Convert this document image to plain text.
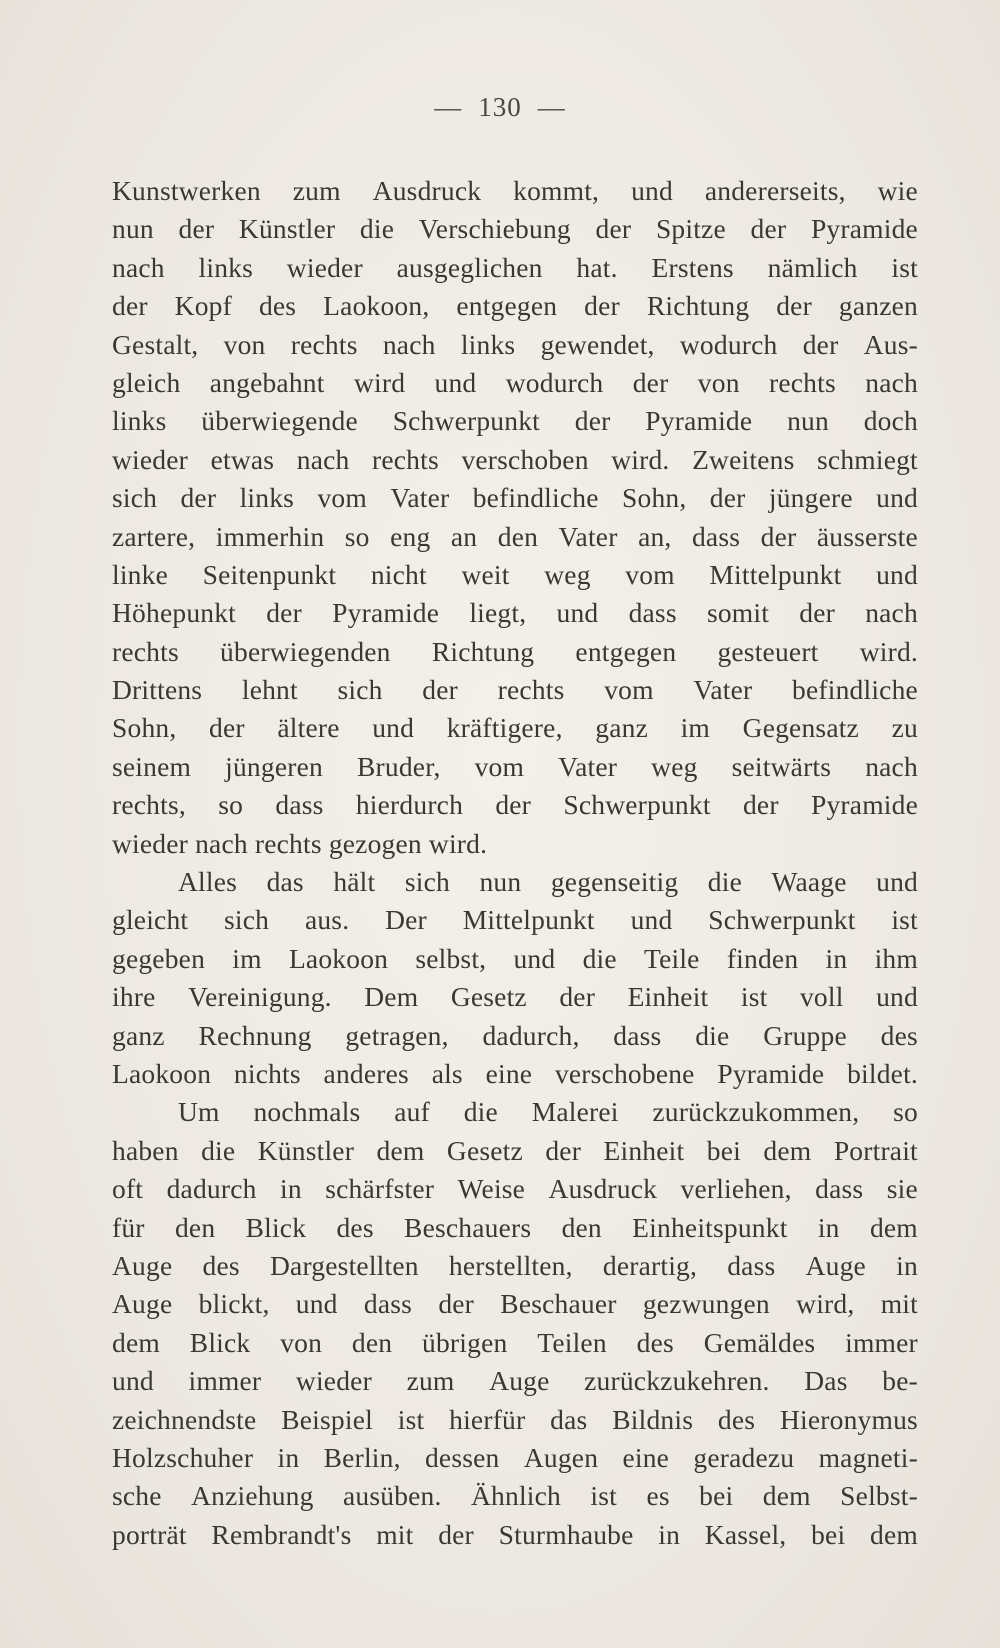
— 130 —
Kunstwerken zum Ausdruck kommt, und andererseits, wie
nun der Künstler die Verschiebung der Spitze der Pyramide
nach links wieder ausgeglichen hat. Erstens nämlich ist
der Kopf des Laokoon, entgegen der Richtung der ganzen
Gestalt, von rechts nach links gewendet, wodurch der Aus-
gleich angebahnt wird und wodurch der von rechts nach
links überwiegende Schwerpunkt der Pyramide nun doch
wieder etwas nach rechts verschoben wird. Zweitens schmiegt
sich der links vom Vater befindliche Sohn, der jüngere und
zartere, immerhin so eng an den Vater an, dass der äusserste
linke Seitenpunkt nicht weit weg vom Mittelpunkt und
Höhepunkt der Pyramide liegt, und dass somit der nach
rechts überwiegenden Richtung entgegen gesteuert wird.
Drittens lehnt sich der rechts vom Vater befindliche
Sohn, der ältere und kräftigere, ganz im Gegensatz zu
seinem jüngeren Bruder, vom Vater weg seitwärts nach
rechts, so dass hierdurch der Schwerpunkt der Pyramide
wieder nach rechts gezogen wird.
Alles das hält sich nun gegenseitig die Waage und
gleicht sich aus. Der Mittelpunkt und Schwerpunkt ist
gegeben im Laokoon selbst, und die Teile finden in ihm
ihre Vereinigung. Dem Gesetz der Einheit ist voll und
ganz Rechnung getragen, dadurch, dass die Gruppe des
Laokoon nichts anderes als eine verschobene Pyramide bildet.
Um nochmals auf die Malerei zurückzukommen, so
haben die Künstler dem Gesetz der Einheit bei dem Portrait
oft dadurch in schärfster Weise Ausdruck verliehen, dass sie
für den Blick des Beschauers den Einheitspunkt in dem
Auge des Dargestellten herstellten, derartig, dass Auge in
Auge blickt, und dass der Beschauer gezwungen wird, mit
dem Blick von den übrigen Teilen des Gemäldes immer
und immer wieder zum Auge zurückzukehren. Das be-
zeichnendste Beispiel ist hierfür das Bildnis des Hieronymus
Holzschuher in Berlin, dessen Augen eine geradezu magneti-
sche Anziehung ausüben. Ähnlich ist es bei dem Selbst-
porträt Rembrandt's mit der Sturmhaube in Kassel, bei dem
